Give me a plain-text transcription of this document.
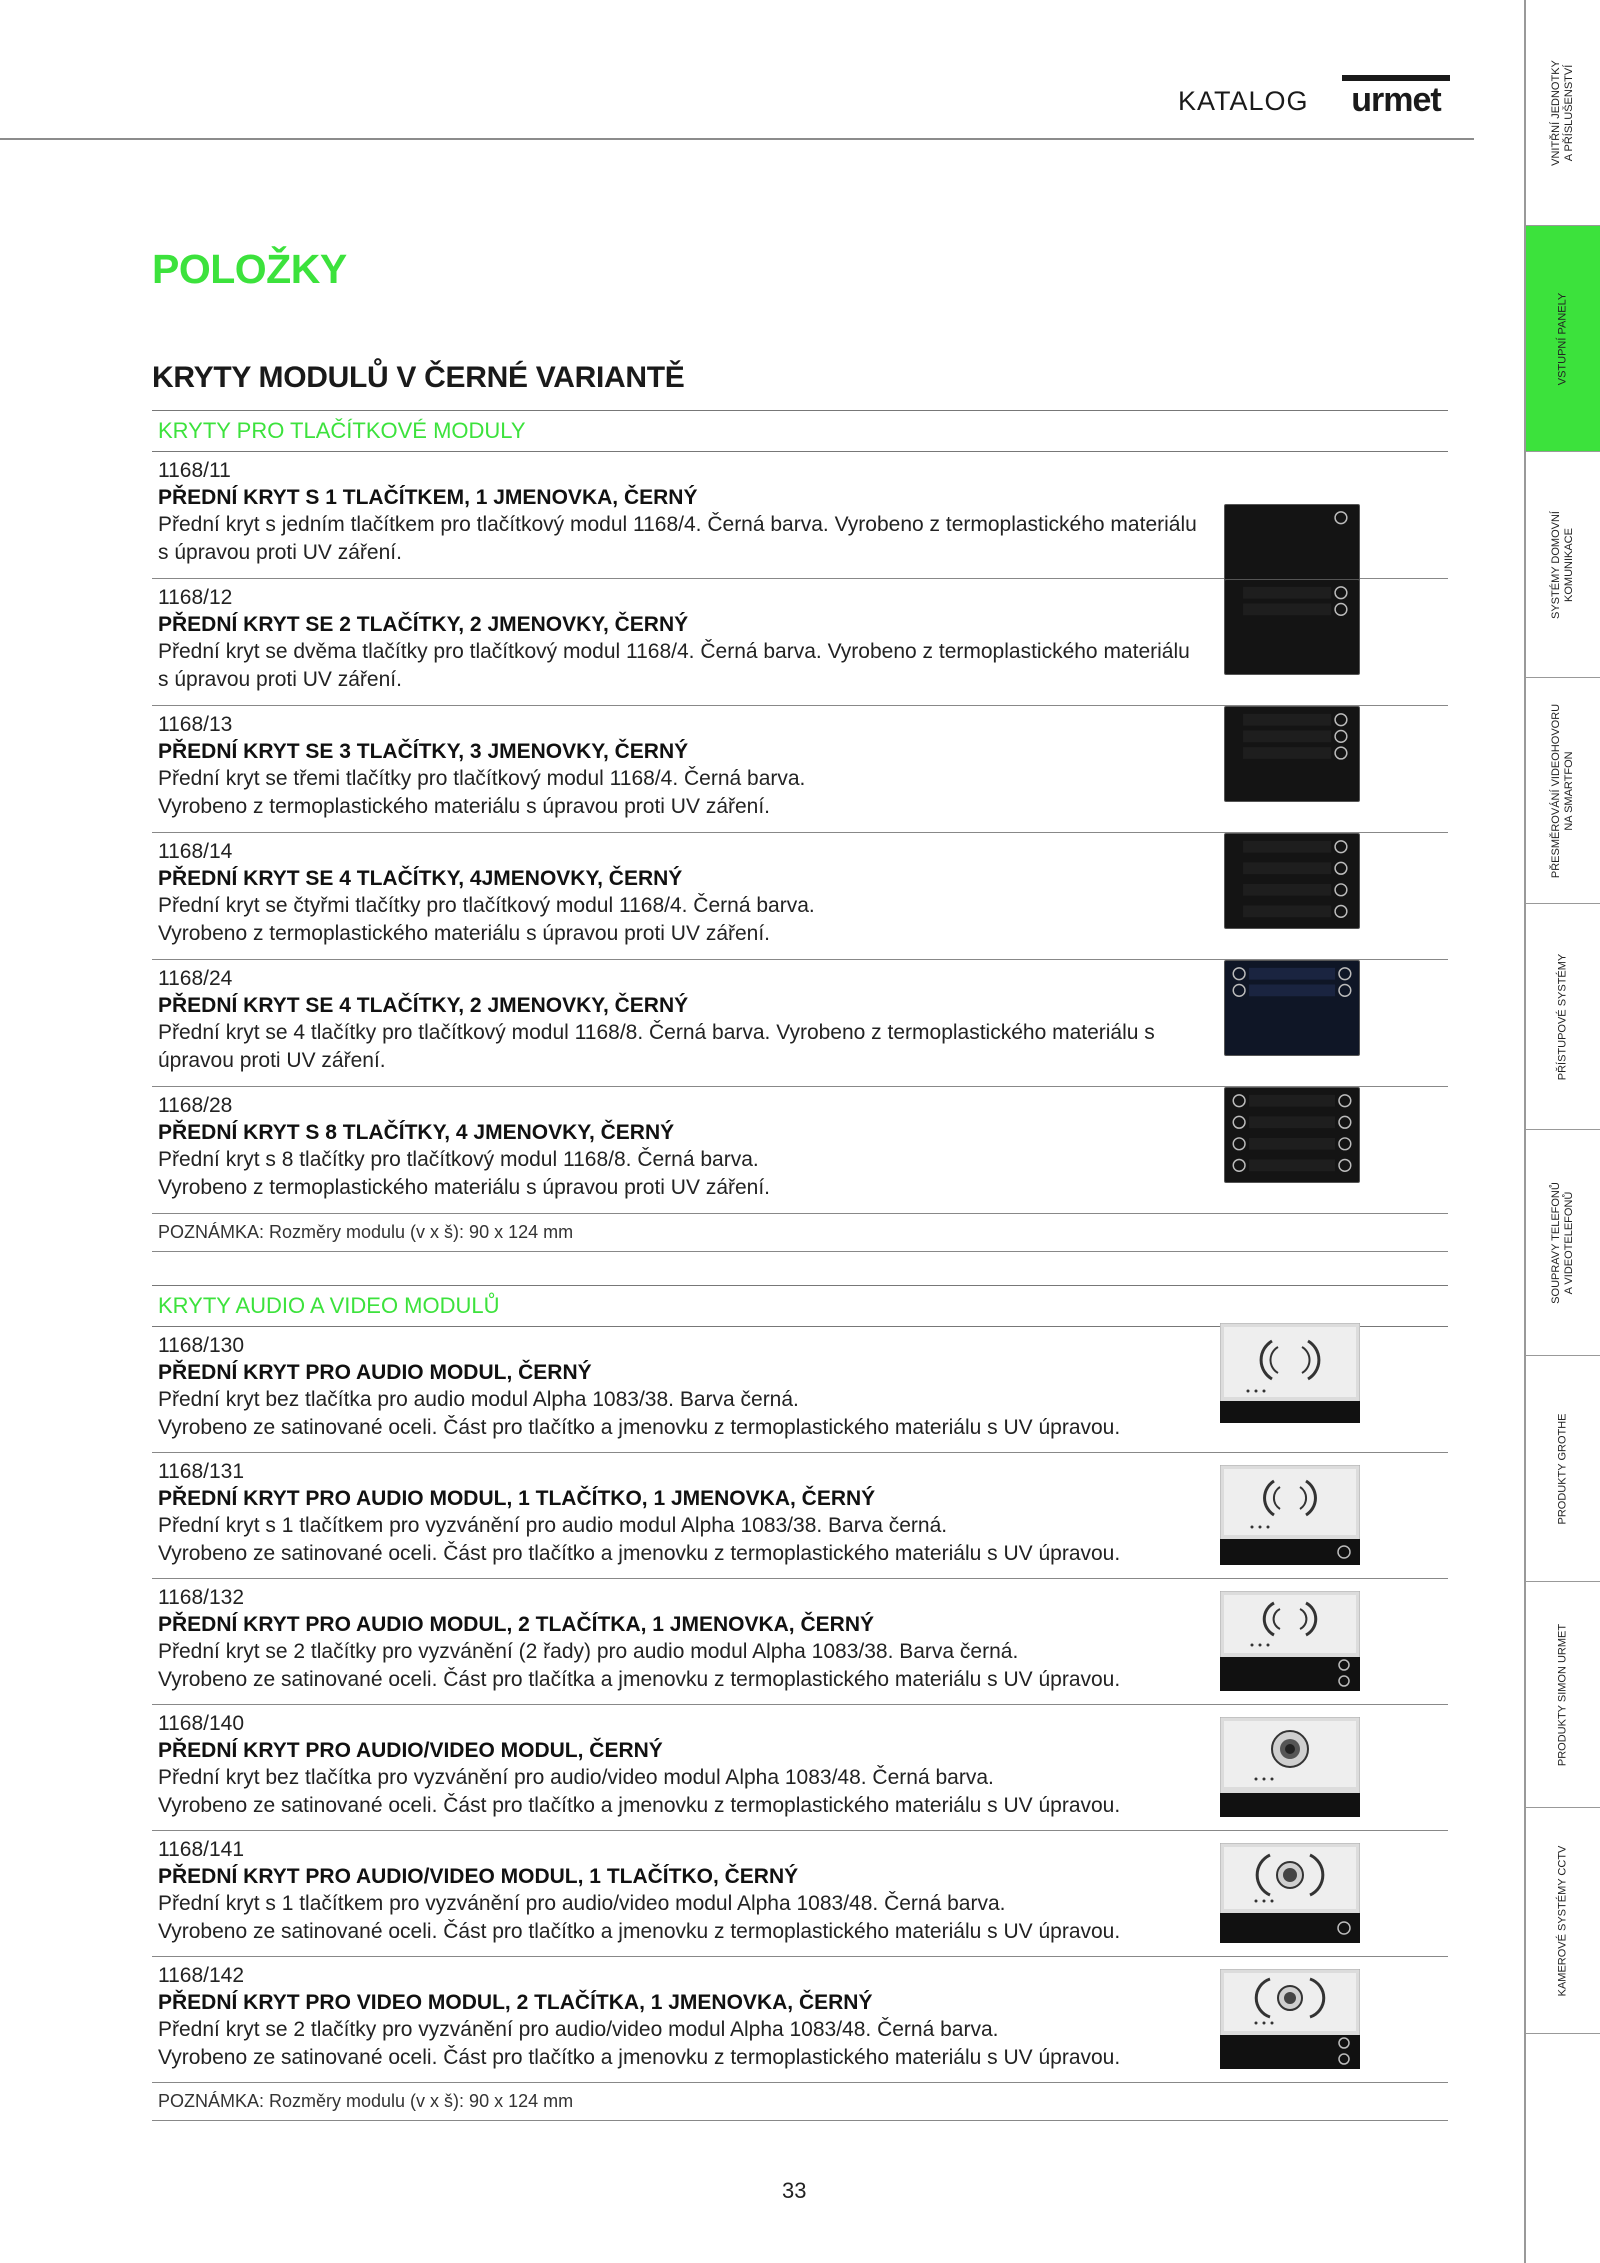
KATALOG urmet
POLOŽKY
KRYTY MODULŮ V ČERNÉ VARIANTĚ
KRYTY PRO TLAČÍTKOVÉ MODULY
1168/11
PŘEDNÍ KRYT S 1 TLAČÍTKEM, 1 JMENOVKA, ČERNÝ
Přední kryt s jedním tlačítkem pro tlačítkový modul 1168/4. Černá barva. Vyrobeno z termoplastického materiálu
s úpravou proti UV záření.
1168/12
PŘEDNÍ KRYT SE 2 TLAČÍTKY, 2 JMENOVKY, ČERNÝ
Přední kryt se dvěma tlačítky pro tlačítkový modul 1168/4. Černá barva. Vyrobeno z termoplastického materiálu
s úpravou proti UV záření.
1168/13
PŘEDNÍ KRYT SE 3 TLAČÍTKY, 3 JMENOVKY, ČERNÝ
Přední kryt se třemi tlačítky pro tlačítkový modul 1168/4. Černá barva.
Vyrobeno z termoplastického materiálu s úpravou proti UV záření.
1168/14
PŘEDNÍ KRYT SE 4 TLAČÍTKY, 4JMENOVKY, ČERNÝ
Přední kryt se čtyřmi tlačítky pro tlačítkový modul 1168/4. Černá barva.
Vyrobeno z termoplastického materiálu s úpravou proti UV záření.
1168/24
PŘEDNÍ KRYT SE 4 TLAČÍTKY, 2 JMENOVKY, ČERNÝ
Přední kryt se 4 tlačítky pro tlačítkový modul 1168/8. Černá barva. Vyrobeno z termoplastického materiálu s
úpravou proti UV záření.
1168/28
PŘEDNÍ KRYT S 8 TLAČÍTKY, 4 JMENOVKY, ČERNÝ
Přední kryt s 8 tlačítky pro tlačítkový modul 1168/8. Černá barva.
Vyrobeno z termoplastického materiálu s úpravou proti UV záření.
POZNÁMKA: Rozměry modulu (v x š): 90 x 124 mm
KRYTY AUDIO A VIDEO MODULŮ
1168/130
PŘEDNÍ KRYT PRO AUDIO MODUL, ČERNÝ
Přední kryt bez tlačítka pro audio modul Alpha 1083/38. Barva černá.
Vyrobeno ze satinované oceli. Část pro tlačítko a jmenovku z termoplastického materiálu s UV úpravou.
1168/131
PŘEDNÍ KRYT PRO AUDIO MODUL, 1 TLAČÍTKO, 1 JMENOVKA, ČERNÝ
Přední kryt s 1 tlačítkem pro vyzvánění pro audio modul Alpha 1083/38. Barva černá.
Vyrobeno ze satinované oceli. Část pro tlačítko a jmenovku z termoplastického materiálu s UV úpravou.
1168/132
PŘEDNÍ KRYT PRO AUDIO MODUL, 2 TLAČÍTKA, 1 JMENOVKA, ČERNÝ
Přední kryt se 2 tlačítky pro vyzvánění (2 řady) pro audio modul Alpha 1083/38. Barva černá.
Vyrobeno ze satinované oceli. Část pro tlačítka a jmenovku z termoplastického materiálu s UV úpravou.
1168/140
PŘEDNÍ KRYT PRO AUDIO/VIDEO MODUL, ČERNÝ
Přední kryt bez tlačítka pro vyzvánění pro audio/video modul Alpha 1083/48. Černá barva.
Vyrobeno ze satinované oceli. Část pro tlačítko a jmenovku z termoplastického materiálu s UV úpravou.
1168/141
PŘEDNÍ KRYT PRO AUDIO/VIDEO MODUL, 1 TLAČÍTKO, ČERNÝ
Přední kryt s 1 tlačítkem pro vyzvánění pro audio/video modul Alpha 1083/48. Černá barva.
Vyrobeno ze satinované oceli. Část pro tlačítko a jmenovku z termoplastického materiálu s UV úpravou.
1168/142
PŘEDNÍ KRYT PRO VIDEO MODUL, 2 TLAČÍTKA, 1 JMENOVKA, ČERNÝ
Přední kryt se 2 tlačítky pro vyzvánění pro audio/video modul Alpha 1083/48. Černá barva.
Vyrobeno ze satinované oceli. Část pro tlačítko a jmenovku z termoplastického materiálu s UV úpravou.
POZNÁMKA: Rozměry modulu (v x š): 90 x 124 mm
33
VNITŘNÍ JEDNOTKY
A PŘÍSLUŠENSTVÍ
VSTUPNÍ PANELY
SYSTÉMY DOMOVNÍ
KOMUNIKACE
PŘESMĚROVÁNÍ VIDEOHOVORU
NA SMARTFON
PŘÍSTUPOVÉ SYSTÉMY
SOUPRAVY TELEFONŮ
A VIDEOTELEFONŮ
PRODUKTY GROTHE
PRODUKTY SIMON URMET
KAMEROVÉ SYSTÉMY CCTV
